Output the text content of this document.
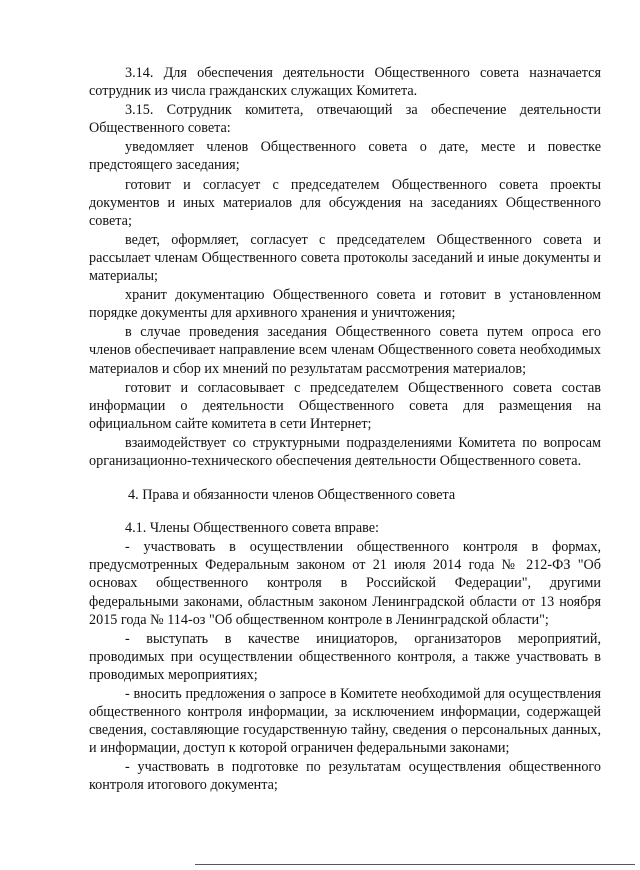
3.14. Для обеспечения деятельности Общественного совета назначается сотрудник из числа гражданских служащих Комитета.

3.15. Сотрудник комитета, отвечающий за обеспечение деятельности Общественного совета:

уведомляет членов Общественного совета о дате, месте и повестке предстоящего заседания;

готовит и согласует с председателем Общественного совета проекты документов и иных материалов для обсуждения на заседаниях Общественного совета;

ведет, оформляет, согласует с председателем Общественного совета и рассылает членам Общественного совета протоколы заседаний и иные документы и материалы;

хранит документацию Общественного совета и готовит в установленном порядке документы для архивного хранения и уничтожения;

в случае проведения заседания Общественного совета путем опроса его членов обеспечивает направление всем членам Общественного совета необходимых материалов и сбор их мнений по результатам рассмотрения материалов;

готовит и согласовывает с председателем Общественного совета состав информации о деятельности Общественного совета для размещения на официальном сайте комитета в сети Интернет;

взаимодействует со структурными подразделениями Комитета по вопросам организационно-технического обеспечения деятельности Общественного совета.

4. Права и обязанности членов Общественного совета

4.1. Члены Общественного совета вправе:

- участвовать в осуществлении общественного контроля в формах, предусмотренных Федеральным законом от 21 июля 2014 года № 212-ФЗ "Об основах общественного контроля в Российской Федерации", другими федеральными законами, областным законом Ленинградской области от 13 ноября 2015 года № 114-оз "Об общественном контроле в Ленинградской области";

- выступать в качестве инициаторов, организаторов мероприятий, проводимых при осуществлении общественного контроля, а также участвовать в проводимых мероприятиях;

- вносить предложения о запросе в Комитете необходимой для осуществления общественного контроля информации, за исключением информации, содержащей сведения, составляющие государственную тайну, сведения о персональных данных, и информации, доступ к которой ограничен федеральными законами;

- участвовать в подготовке по результатам осуществления общественного контроля итогового документа;
